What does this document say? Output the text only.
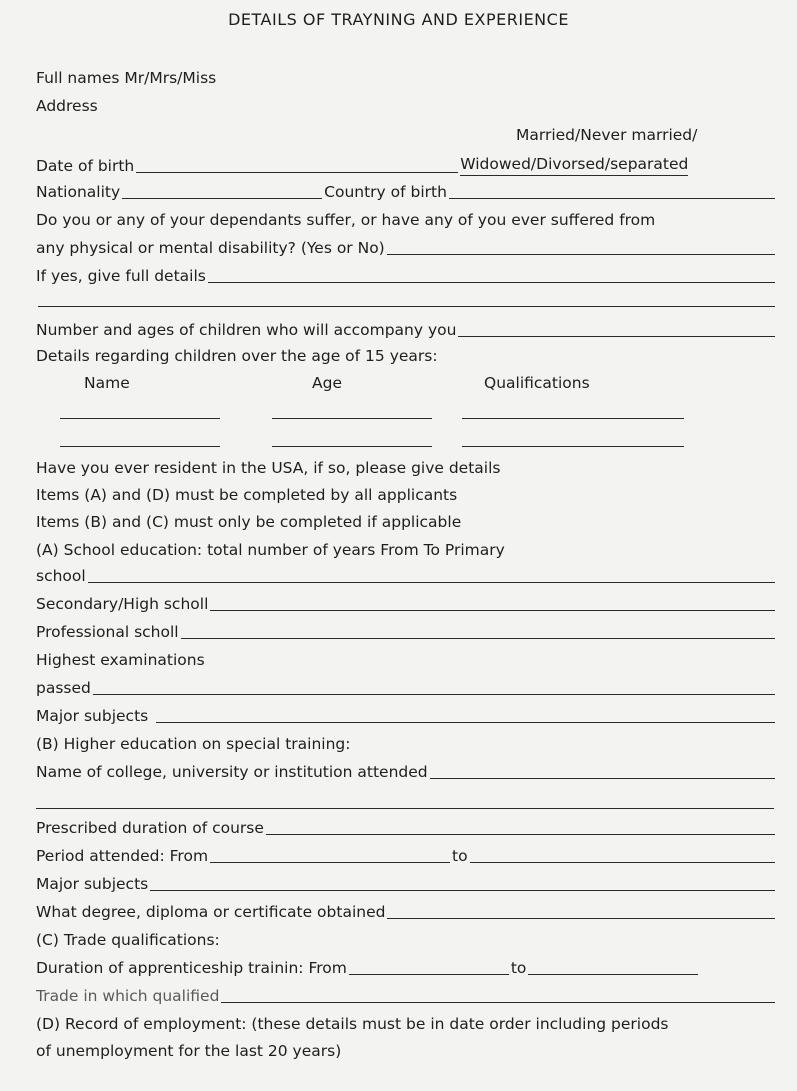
DETAILS OF TRAYNING AND EXPERIENCE
Full names Mr/Mrs/Miss
Address
Married/Never married/
Date of birth	Widowed/Divorsed/separated
Nationality	Country of birth
Do you or any of your dependants suffer, or have any of you ever suffered from
any physical or mental disability? (Yes or No)
If yes, give full details
Number and ages of children who will accompany you
Details regarding children over the age of 15 years:
Name	Age	Qualifications
Have you ever resident in the USA, if so, please give details
Items (A) and (D) must be completed by all applicants
Items (B) and (C) must only be completed if applicable
(A) School education: total number of years From To Primary
school
Secondary/High scholl
Professional scholl
Highest examinations
passed
Major subjects
(B) Higher education on special training:
Name of college, university or institution attended
Prescribed duration of course
Period attended: From	to
Major subjects
What degree, diploma or certificate obtained
(C) Trade qualifications:
Duration of apprenticeship trainin: From	to
Trade in which qualified
(D) Record of employment: (these details must be in date order including periods
of unemployment for the last 20 years)
